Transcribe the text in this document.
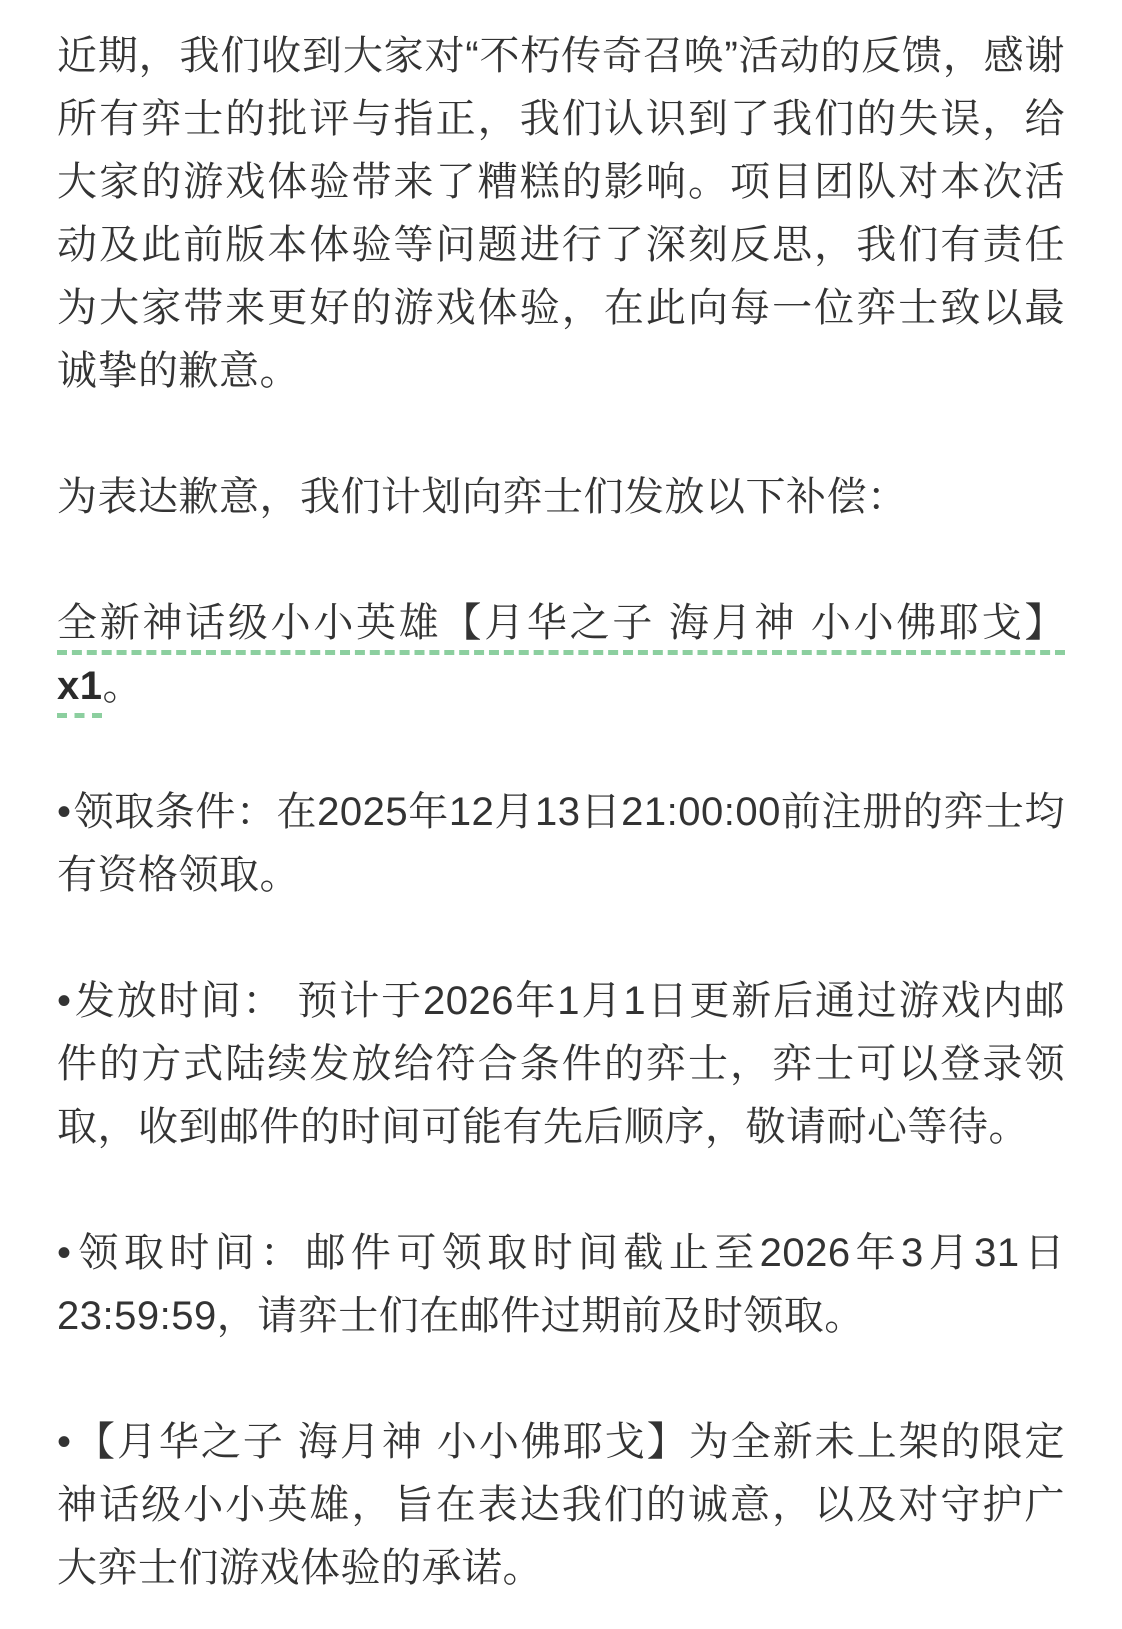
近期，我们收到大家对“不朽传奇召唤”活动的反馈，感谢所有弈士的批评与指正，我们认识到了我们的失误，给大家的游戏体验带来了糟糕的影响。项目团队对本次活动及此前版本体验等问题进行了深刻反思，我们有责任为大家带来更好的游戏体验，在此向每一位弈士致以最诚挚的歉意。

为表达歉意，我们计划向弈士们发放以下补偿：

全新神话级小小英雄【月华之子 海月神 小小佛耶戈】x1。

•领取条件：在2025年12月13日21:00:00前注册的弈士均有资格领取。

•发放时间： 预计于2026年1月1日更新后通过游戏内邮件的方式陆续发放给符合条件的弈士，弈士可以登录领取，收到邮件的时间可能有先后顺序，敬请耐心等待。

•领取时间：邮件可领取时间截止至2026年3月31日23:59:59，请弈士们在邮件过期前及时领取。

•【月华之子 海月神 小小佛耶戈】为全新未上架的限定神话级小小英雄，旨在表达我们的诚意，以及对守护广大弈士们游戏体验的承诺。
